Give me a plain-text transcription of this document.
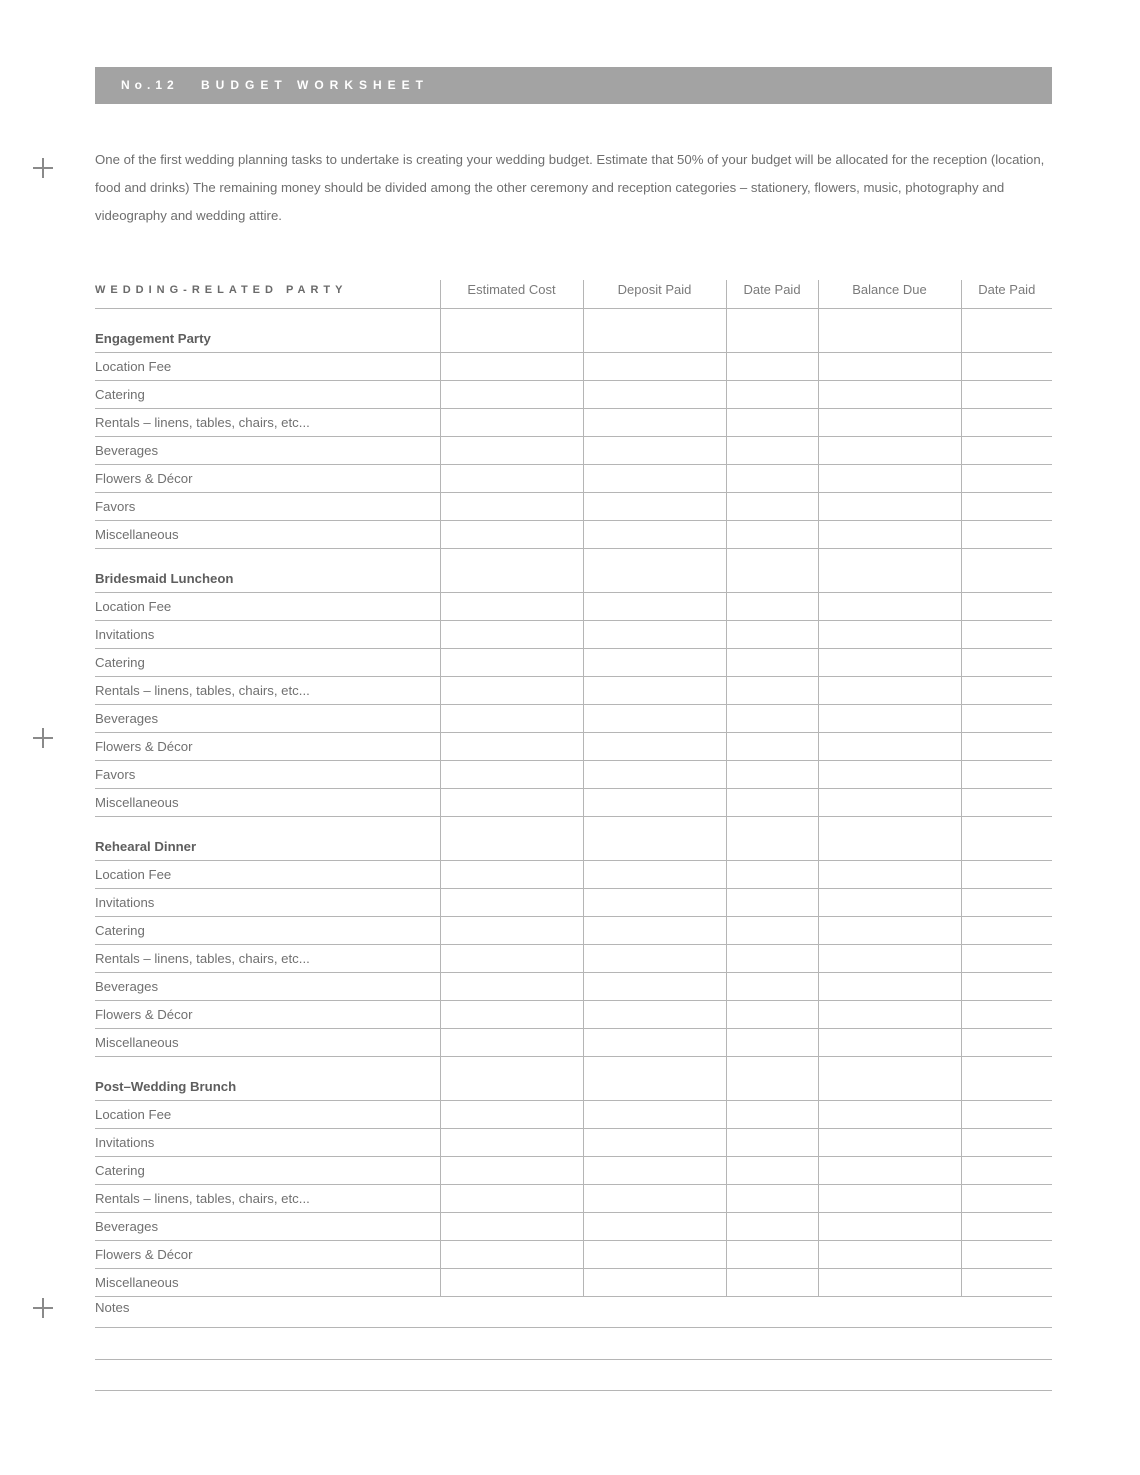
No.12 BUDGET WORKSHEET
One of the first wedding planning tasks to undertake is creating your wedding budget. Estimate that 50% of your budget will be allocated for the reception (location, food and drinks) The remaining money should be divided among the other ceremony and reception categories – stationery, flowers, music, photography and videography and wedding attire.
WEDDING-RELATED PARTY	Estimated Cost	Deposit Paid	Date Paid	Balance Due	Date Paid
Engagement Party					
Location Fee					
Catering					
Rentals – linens, tables, chairs, etc...					
Beverages					
Flowers & Décor					
Favors					
Miscellaneous					
Bridesmaid Luncheon					
Location Fee					
Invitations					
Catering					
Rentals – linens, tables, chairs, etc...					
Beverages					
Flowers & Décor					
Favors					
Miscellaneous					
Rehearal Dinner					
Location Fee					
Invitations					
Catering					
Rentals – linens, tables, chairs, etc...					
Beverages					
Flowers & Décor					
Miscellaneous					
Post–Wedding Brunch					
Location Fee					
Invitations					
Catering					
Rentals – linens, tables, chairs, etc...					
Beverages					
Flowers & Décor					
Miscellaneous					
Notes
